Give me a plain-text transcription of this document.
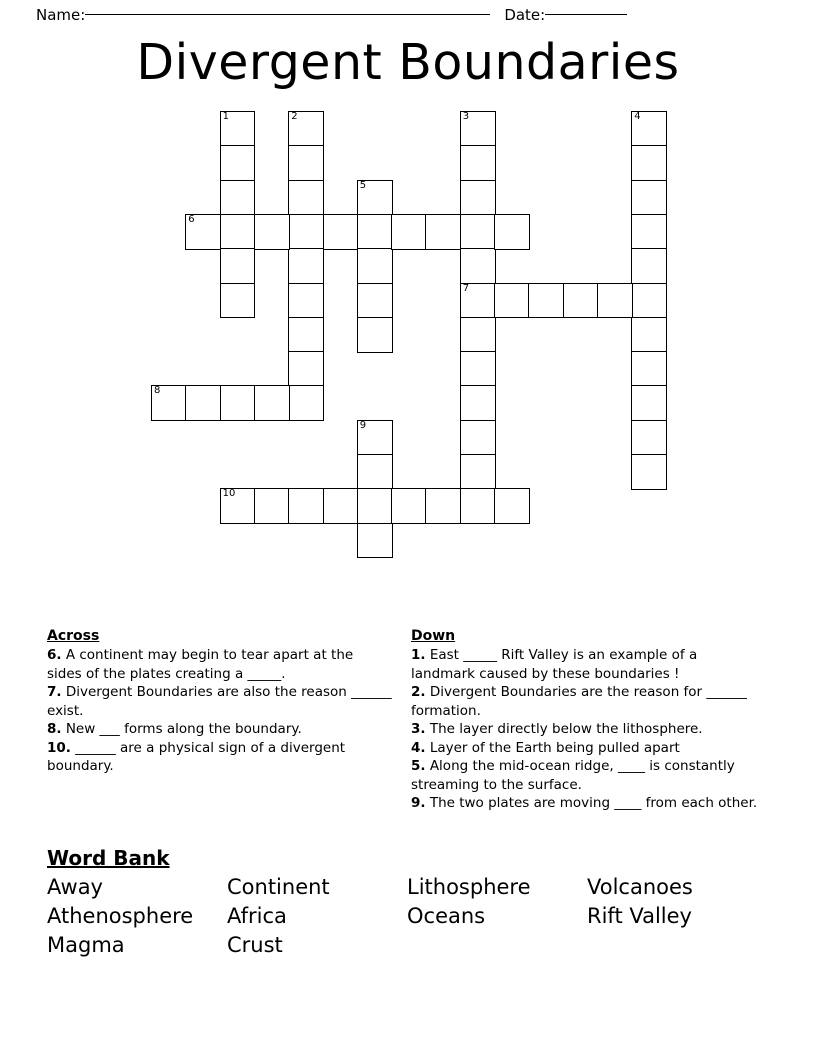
Name:	Date:
Divergent Boundaries
1	2	3
7
4
5
6
8
9
10
Across

6. A continent may begin to tear apart at the sides of the plates creating a _____.

7. Divergent Boundaries are also the reason ______ exist.

8. New ___ forms along the boundary.

10. ______ are a physical sign of a divergent boundary.

Down

1. East _____ Rift Valley is an example of a landmark caused by these boundaries !

2. Divergent Boundaries are the reason for ______ formation.

3. The layer directly below the lithosphere.

4. Layer of the Earth being pulled apart

5. Along the mid-ocean ridge, ____ is constantly streaming to the surface.

9. The two plates are moving ____ from each other.

Word Bank
Away	Continent	Lithosphere	Volcanoes
Athenosphere	Africa	Oceans	Rift Valley
Magma	Crust
